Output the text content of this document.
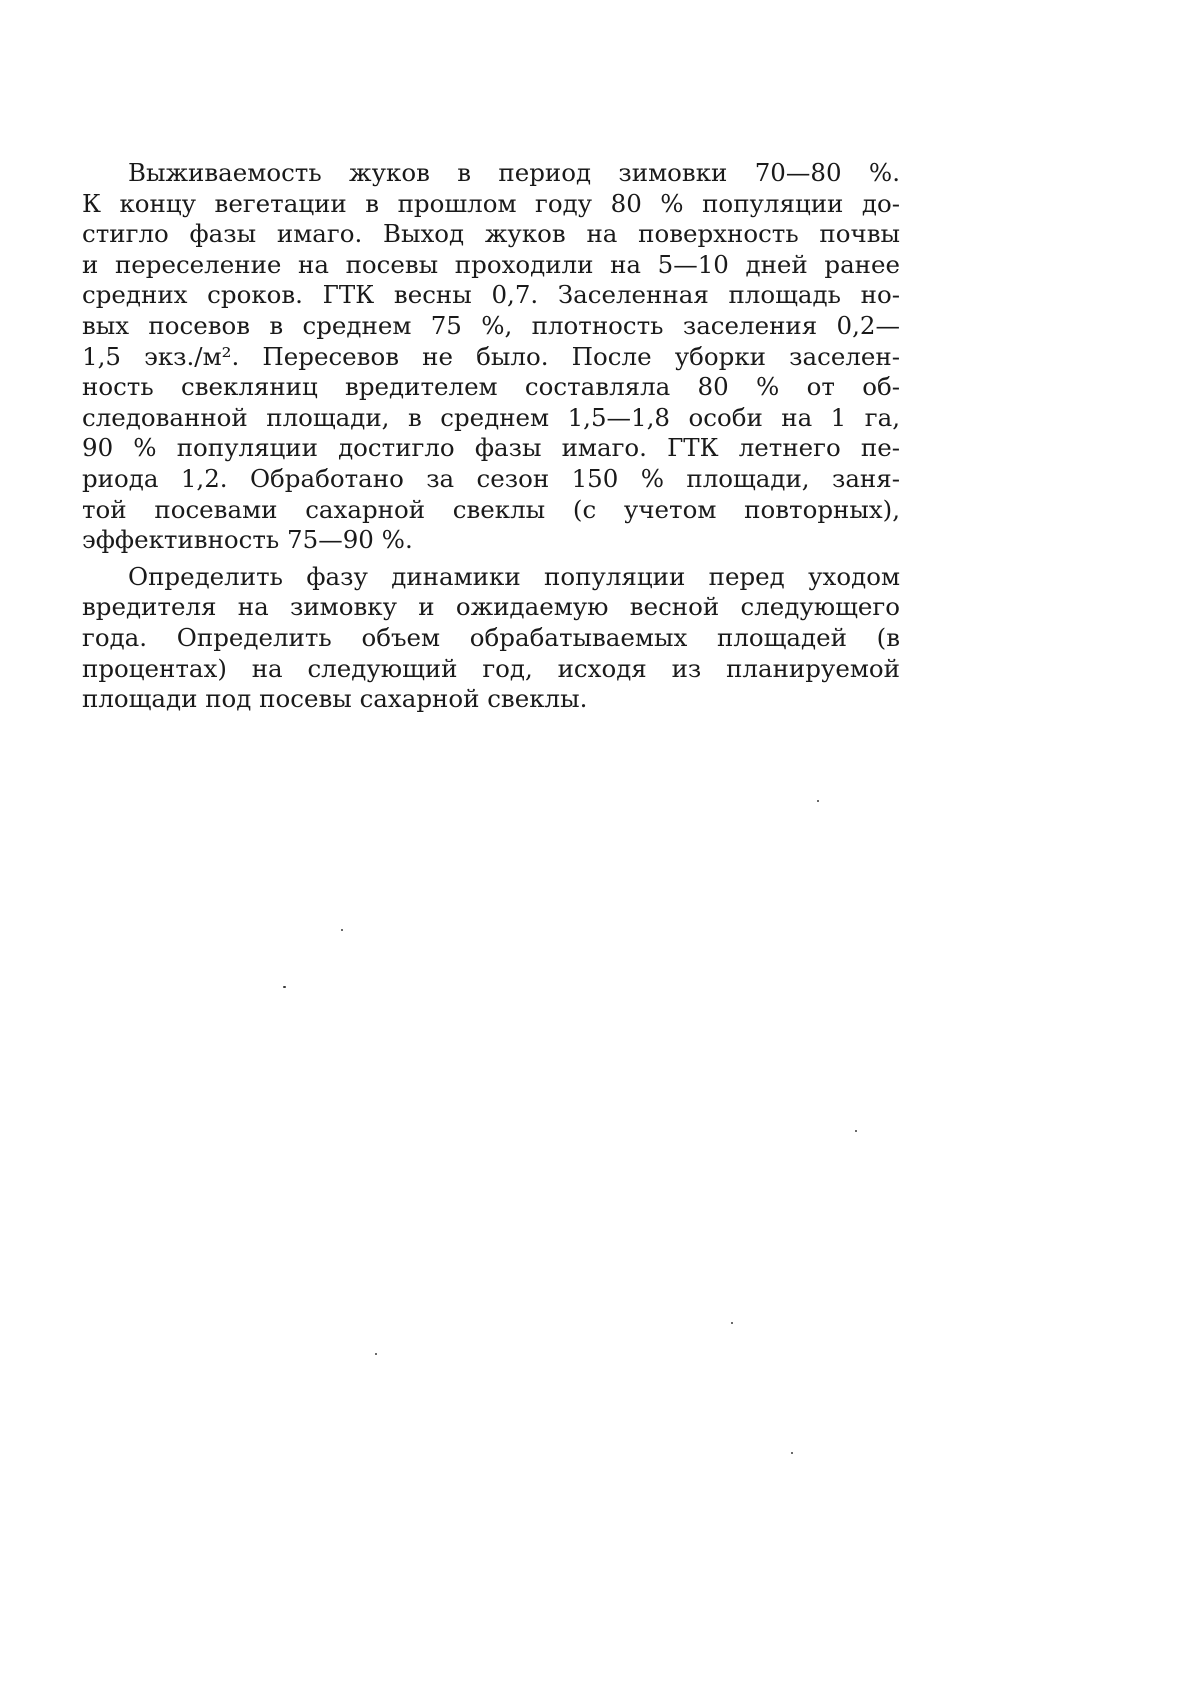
Выживаемость жуков в период зимовки 70—80 %.
К концу вегетации в прошлом году 80 % популяции до-
стигло фазы имаго. Выход жуков на поверхность почвы
и переселение на посевы проходили на 5—10 дней ранее
средних сроков. ГТК весны 0,7. Заселенная площадь но-
вых посевов в среднем 75 %, плотность заселения 0,2—
1,5 экз./м². Пересевов не было. После уборки заселен-
ность свекляниц вредителем составляла 80 % от об-
следованной площади, в среднем 1,5—1,8 особи на 1 га,
90 % популяции достигло фазы имаго. ГТК летнего пе-
риода 1,2. Обработано за сезон 150 % площади, заня-
той посевами сахарной свеклы (с учетом повторных),
эффективность 75—90 %.
Определить фазу динамики популяции перед уходом
вредителя на зимовку и ожидаемую весной следующего
года. Определить объем обрабатываемых площадей (в
процентах) на следующий год, исходя из планируемой
площади под посевы сахарной свеклы.
